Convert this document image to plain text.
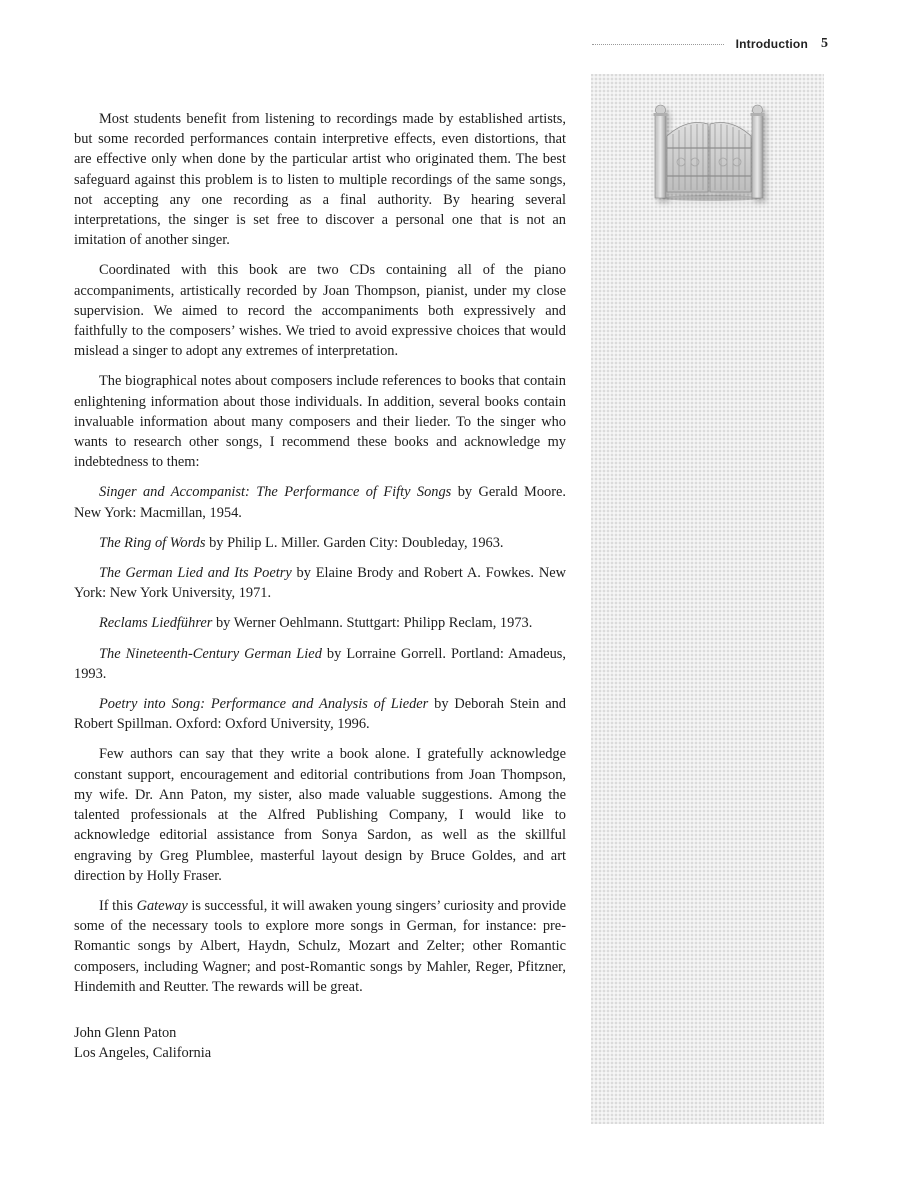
Introduction 5

Most students benefit from listening to recordings made by established artists, but some recorded performances contain interpretive effects, even distortions, that are effective only when done by the particular artist who originated them. The best safeguard against this problem is to listen to multiple recordings of the same songs, not accepting any one recording as a final authority. By hearing several interpretations, the singer is set free to discover a personal one that is not an imitation of another singer.

Coordinated with this book are two CDs containing all of the piano accompaniments, artistically recorded by Joan Thompson, pianist, under my close supervision. We aimed to record the accompaniments both expressively and faithfully to the composers’ wishes. We tried to avoid expressive choices that would mislead a singer to adopt any extremes of interpretation.

The biographical notes about composers include references to books that contain enlightening information about those individuals. In addition, several books contain invaluable information about many composers and their lieder. To the singer who wants to research other songs, I recommend these books and acknowledge my indebtedness to them:

Singer and Accompanist: The Performance of Fifty Songs by Gerald Moore. New York: Macmillan, 1954.

The Ring of Words by Philip L. Miller. Garden City: Doubleday, 1963.

The German Lied and Its Poetry by Elaine Brody and Robert A. Fowkes. New York: New York University, 1971.

Reclams Liedführer by Werner Oehlmann. Stuttgart: Philipp Reclam, 1973.

The Nineteenth-Century German Lied by Lorraine Gorrell. Portland: Amadeus, 1993.

Poetry into Song: Performance and Analysis of Lieder by Deborah Stein and Robert Spillman. Oxford: Oxford University, 1996.

Few authors can say that they write a book alone. I gratefully acknowledge constant support, encouragement and editorial contributions from Joan Thompson, my wife. Dr. Ann Paton, my sister, also made valuable suggestions. Among the talented professionals at the Alfred Publishing Company, I would like to acknowledge editorial assistance from Sonya Sardon, as well as the skillful engraving by Greg Plumblee, masterful layout design by Bruce Goldes, and art direction by Holly Fraser.

If this Gateway is successful, it will awaken young singers’ curiosity and provide some of the necessary tools to explore more songs in German, for instance: pre-Romantic songs by Albert, Haydn, Schulz, Mozart and Zelter; other Romantic composers, including Wagner; and post-Romantic songs by Mahler, Reger, Pfitzner, Hindemith and Reutter. The rewards will be great.

John Glenn Paton
Los Angeles, California
